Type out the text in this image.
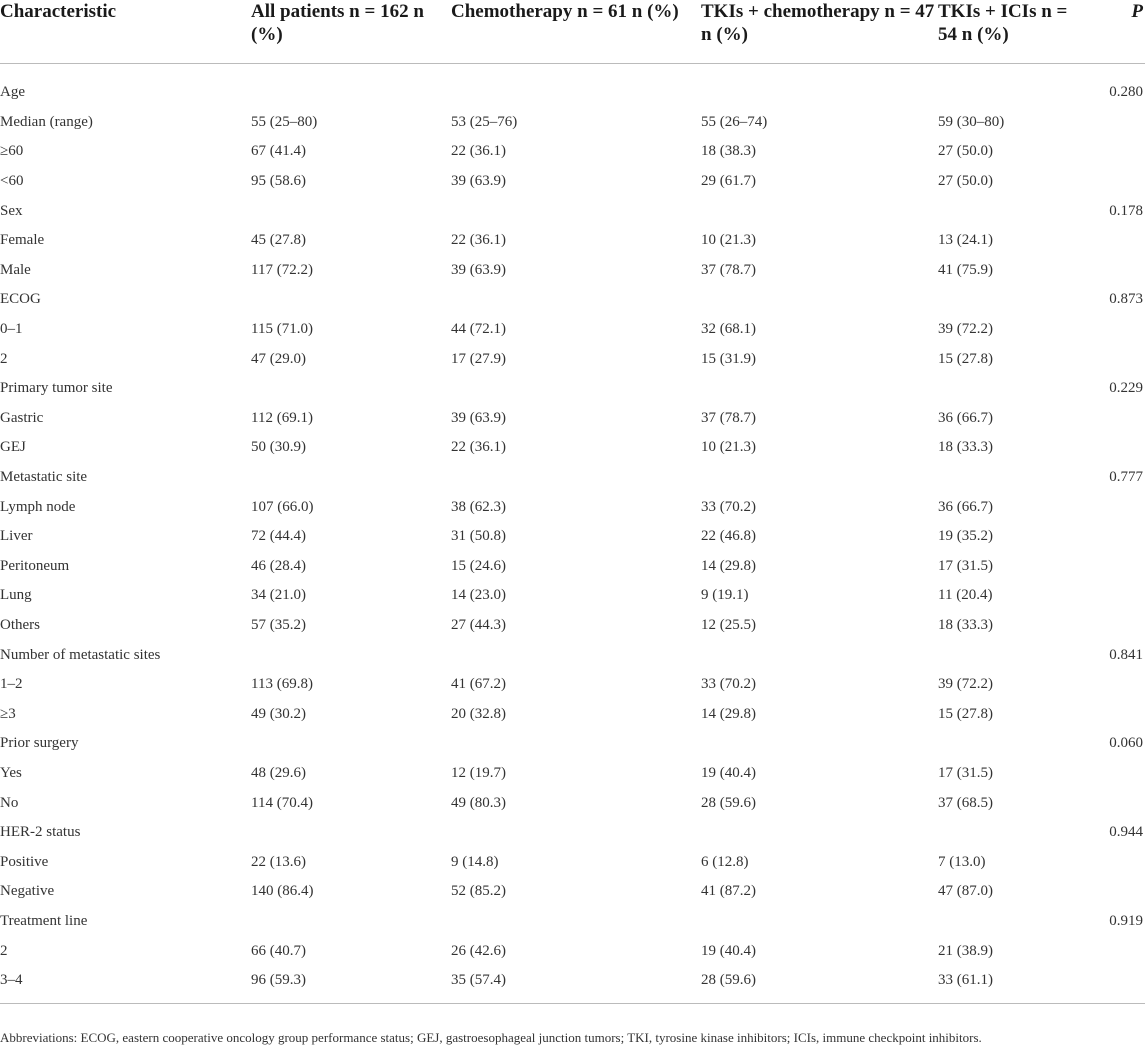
Characteristic	All patients n = 162 n (%)	Chemotherapy n = 61 n (%)	TKIs + chemotherapy n = 47 n (%)	TKIs + ICIs n = 54 n (%)	P
Age					0.280
Median (range)	55 (25–80)	53 (25–76)	55 (26–74)	59 (30–80)	
≥60	67 (41.4)	22 (36.1)	18 (38.3)	27 (50.0)	
<60	95 (58.6)	39 (63.9)	29 (61.7)	27 (50.0)	
Sex					0.178
Female	45 (27.8)	22 (36.1)	10 (21.3)	13 (24.1)	
Male	117 (72.2)	39 (63.9)	37 (78.7)	41 (75.9)	
ECOG					0.873
0–1	115 (71.0)	44 (72.1)	32 (68.1)	39 (72.2)	
2	47 (29.0)	17 (27.9)	15 (31.9)	15 (27.8)	
Primary tumor site					0.229
Gastric	112 (69.1)	39 (63.9)	37 (78.7)	36 (66.7)	
GEJ	50 (30.9)	22 (36.1)	10 (21.3)	18 (33.3)	
Metastatic site					0.777
Lymph node	107 (66.0)	38 (62.3)	33 (70.2)	36 (66.7)	
Liver	72 (44.4)	31 (50.8)	22 (46.8)	19 (35.2)	
Peritoneum	46 (28.4)	15 (24.6)	14 (29.8)	17 (31.5)	
Lung	34 (21.0)	14 (23.0)	9 (19.1)	11 (20.4)	
Others	57 (35.2)	27 (44.3)	12 (25.5)	18 (33.3)	
Number of metastatic sites					0.841
1–2	113 (69.8)	41 (67.2)	33 (70.2)	39 (72.2)	
≥3	49 (30.2)	20 (32.8)	14 (29.8)	15 (27.8)	
Prior surgery					0.060
Yes	48 (29.6)	12 (19.7)	19 (40.4)	17 (31.5)	
No	114 (70.4)	49 (80.3)	28 (59.6)	37 (68.5)	
HER-2 status					0.944
Positive	22 (13.6)	9 (14.8)	6 (12.8)	7 (13.0)	
Negative	140 (86.4)	52 (85.2)	41 (87.2)	47 (87.0)	
Treatment line					0.919
2	66 (40.7)	26 (42.6)	19 (40.4)	21 (38.9)	
3–4	96 (59.3)	35 (57.4)	28 (59.6)	33 (61.1)	
Abbreviations: ECOG, eastern cooperative oncology group performance status; GEJ, gastroesophageal junction tumors; TKI, tyrosine kinase inhibitors; ICIs, immune checkpoint inhibitors.
